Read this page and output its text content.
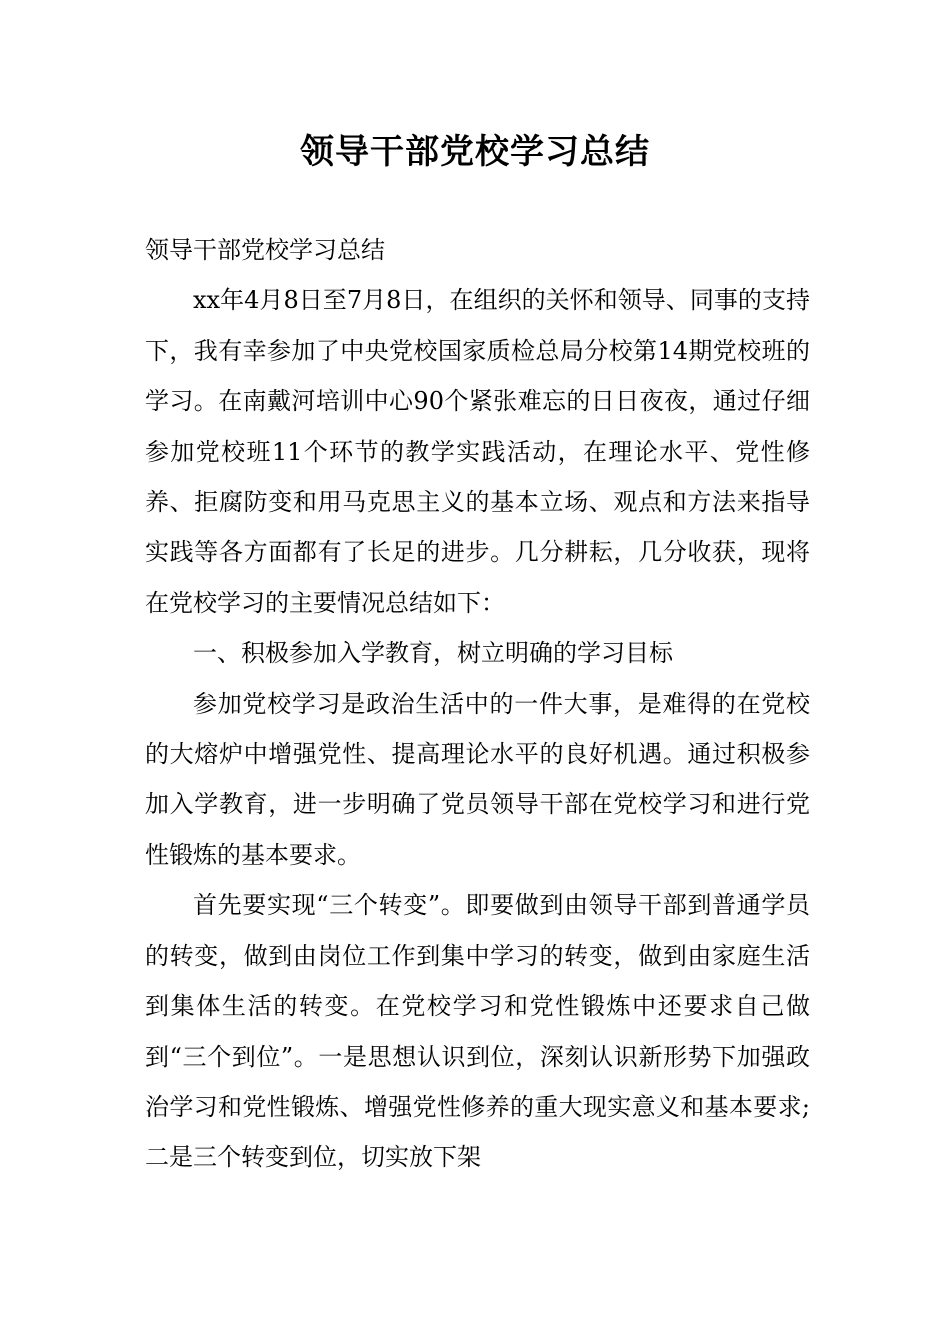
领导干部党校学习总结

领导干部党校学习总结

xx年4月8日至7月8日，在组织的关怀和领导、同事的支持下，我有幸参加了中央党校国家质检总局分校第14期党校班的学习。在南戴河培训中心90个紧张难忘的日日夜夜，通过仔细参加党校班11个环节的教学实践活动，在理论水平、党性修养、拒腐防变和用马克思主义的基本立场、观点和方法来指导实践等各方面都有了长足的进步。几分耕耘，几分收获，现将在党校学习的主要情况总结如下：

一、积极参加入学教育，树立明确的学习目标

参加党校学习是政治生活中的一件大事，是难得的在党校的大熔炉中增强党性、提高理论水平的良好机遇。通过积极参加入学教育，进一步明确了党员领导干部在党校学习和进行党性锻炼的基本要求。

首先要实现“三个转变”。即要做到由领导干部到普通学员的转变，做到由岗位工作到集中学习的转变，做到由家庭生活到集体生活的转变。在党校学习和党性锻炼中还要求自己做到“三个到位”。一是思想认识到位，深刻认识新形势下加强政治学习和党性锻炼、增强党性修养的重大现实意义和基本要求;二是三个转变到位，切实放下架
